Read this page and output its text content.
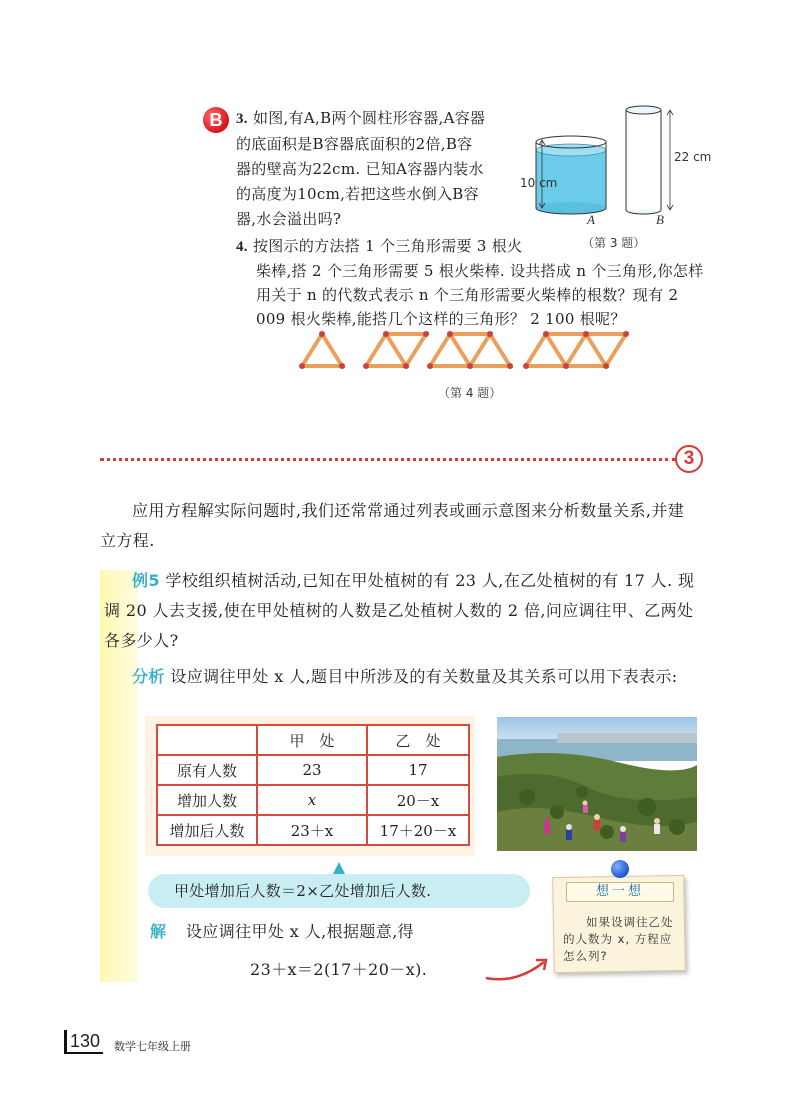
B 3. 如图,有A,B两个圆柱形容器,A容器
的底面积是B容器底面积的2倍,B容
器的壁高为22cm. 已知A容器内装水
的高度为10cm,若把这些水倒入B容
器,水会溢出吗?
10 cm
22 cm
A	B
（第 3 题）
4. 按图示的方法搭 1 个三角形需要 3 根火
柴棒,搭 2 个三角形需要 5 根火柴棒. 设共搭成 n 个三角形,你怎样用关于 n 的代数式表示 n 个三角形需要火柴棒的根数？现有 2 009 根火柴棒,能搭几个这样的三角形？ 2 100 根呢？
（第 4 题）
3
应用方程解实际问题时,我们还常常通过列表或画示意图来分析数量关系,并建立方程.
例5 学校组织植树活动,已知在甲处植树的有 23 人,在乙处植树的有 17 人. 现调 20 人去支援,使在甲处植树的人数是乙处植树人数的 2 倍,问应调往甲、乙两处各多少人?
分析 设应调往甲处 x 人,题目中所涉及的有关数量及其关系可以用下表表示:
	甲　处	乙　处
原有人数	23	17
增加人数	x	20－x
增加后人数	23＋x	17＋20－x
甲处增加后人数＝2×乙处增加后人数.
解 设应调往甲处 x 人,根据题意,得
23＋x＝2(17＋20－x).
想一想
如果设调往乙处的人数为 x, 方程应怎么列?
130 数学七年级上册
